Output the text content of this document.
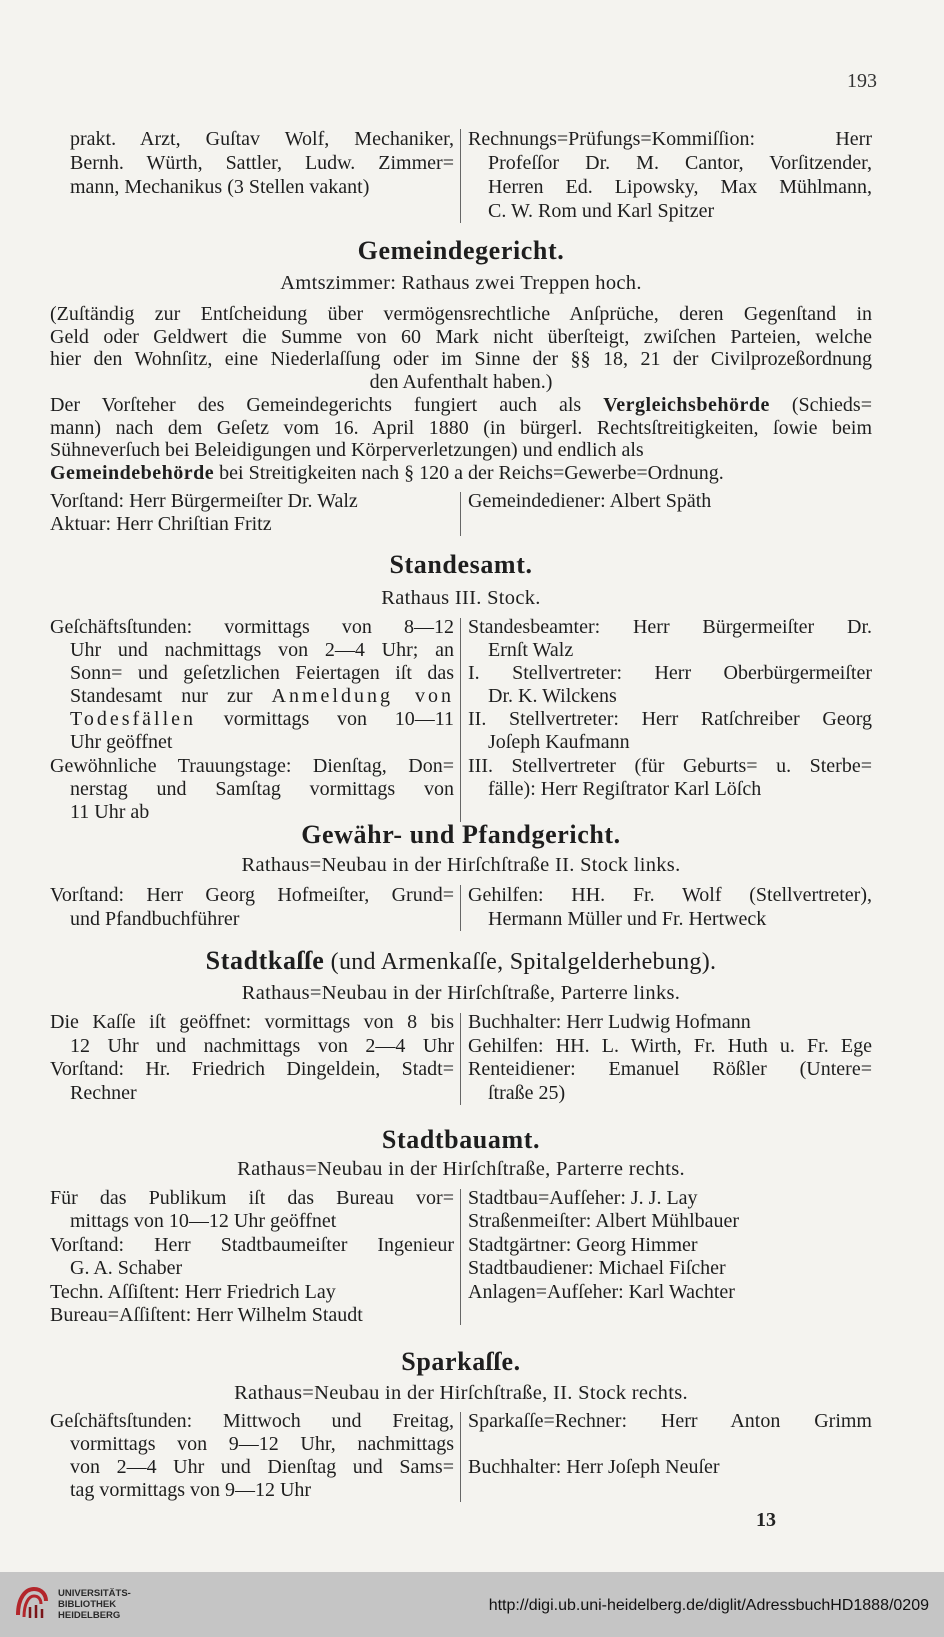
193
prakt. Arzt, Guſtav Wolf, Mechaniker,
Bernh. Würth, Sattler, Ludw. Zimmer=
mann, Mechanikus (3 Stellen vakant)
Rechnungs=Prüfungs=Kommiſſion: Herr
Profeſſor Dr. M. Cantor, Vorſitzender,
Herren Ed. Lipowsky, Max Mühlmann,
C. W. Rom und Karl Spitzer
Gemeindegericht.
Amtszimmer: Rathaus zwei Treppen hoch.
(Zuſtändig zur Entſcheidung über vermögensrechtliche Anſprüche, deren Gegenſtand in
Geld oder Geldwert die Summe von 60 Mark nicht überſteigt, zwiſchen Parteien, welche
hier den Wohnſitz, eine Niederlaſſung oder im Sinne der §§ 18, 21 der Civilprozeßordnung
den Aufenthalt haben.)
Der Vorſteher des Gemeindegerichts fungiert auch als Vergleichsbehörde (Schieds=
mann) nach dem Geſetz vom 16. April 1880 (in bürgerl. Rechtsſtreitigkeiten, ſowie beim
Sühneverſuch bei Beleidigungen und Körperverletzungen) und endlich als
Gemeindebehörde bei Streitigkeiten nach § 120 a der Reichs=Gewerbe=Ordnung.
Vorſtand: Herr Bürgermeiſter Dr. Walz
Aktuar: Herr Chriſtian Fritz
Gemeindediener: Albert Späth
Standesamt.
Rathaus III. Stock.
Geſchäftsſtunden: vormittags von 8—12
Uhr und nachmittags von 2—4 Uhr; an
Sonn= und geſetzlichen Feiertagen iſt das
Standesamt nur zur Anmeldung von
Todesfällen vormittags von 10—11
Uhr geöffnet
Gewöhnliche Trauungstage: Dienſtag, Don=
nerstag und Samſtag vormittags von
11 Uhr ab
Standesbeamter: Herr Bürgermeiſter Dr.
Ernſt Walz
I. Stellvertreter: Herr Oberbürgermeiſter
Dr. K. Wilckens
II. Stellvertreter: Herr Ratſchreiber Georg
Joſeph Kaufmann
III. Stellvertreter (für Geburts= u. Sterbe=
fälle): Herr Regiſtrator Karl Löſch
Gewähr- und Pfandgericht.
Rathaus=Neubau in der Hirſchſtraße II. Stock links.
Vorſtand: Herr Georg Hofmeiſter, Grund=
und Pfandbuchführer
Gehilfen: HH. Fr. Wolf (Stellvertreter),
Hermann Müller und Fr. Hertweck
Stadtkaſſe (und Armenkaſſe, Spitalgelderhebung).
Rathaus=Neubau in der Hirſchſtraße, Parterre links.
Die Kaſſe iſt geöffnet: vormittags von 8 bis
12 Uhr und nachmittags von 2—4 Uhr
Vorſtand: Hr. Friedrich Dingeldein, Stadt=
Rechner
Buchhalter: Herr Ludwig Hofmann
Gehilfen: HH. L. Wirth, Fr. Huth u. Fr. Ege
Renteidiener: Emanuel Rößler (Untere=
ſtraße 25)
Stadtbauamt.
Rathaus=Neubau in der Hirſchſtraße, Parterre rechts.
Für das Publikum iſt das Bureau vor=
mittags von 10—12 Uhr geöffnet
Vorſtand: Herr Stadtbaumeiſter Ingenieur
G. A. Schaber
Techn. Aſſiſtent: Herr Friedrich Lay
Bureau=Aſſiſtent: Herr Wilhelm Staudt
Stadtbau=Aufſeher: J. J. Lay
Straßenmeiſter: Albert Mühlbauer
Stadtgärtner: Georg Himmer
Stadtbaudiener: Michael Fiſcher
Anlagen=Aufſeher: Karl Wachter
Sparkaſſe.
Rathaus=Neubau in der Hirſchſtraße, II. Stock rechts.
Geſchäftsſtunden: Mittwoch und Freitag,
vormittags von 9—12 Uhr, nachmittags
von 2—4 Uhr und Dienſtag und Sams=
tag vormittags von 9—12 Uhr
Sparkaſſe=Rechner: Herr Anton Grimm
Buchhalter: Herr Joſeph Neuſer
13
UNIVERSITÄTS-
BIBLIOTHEK
HEIDELBERG
http://digi.ub.uni-heidelberg.de/diglit/AdressbuchHD1888/0209
